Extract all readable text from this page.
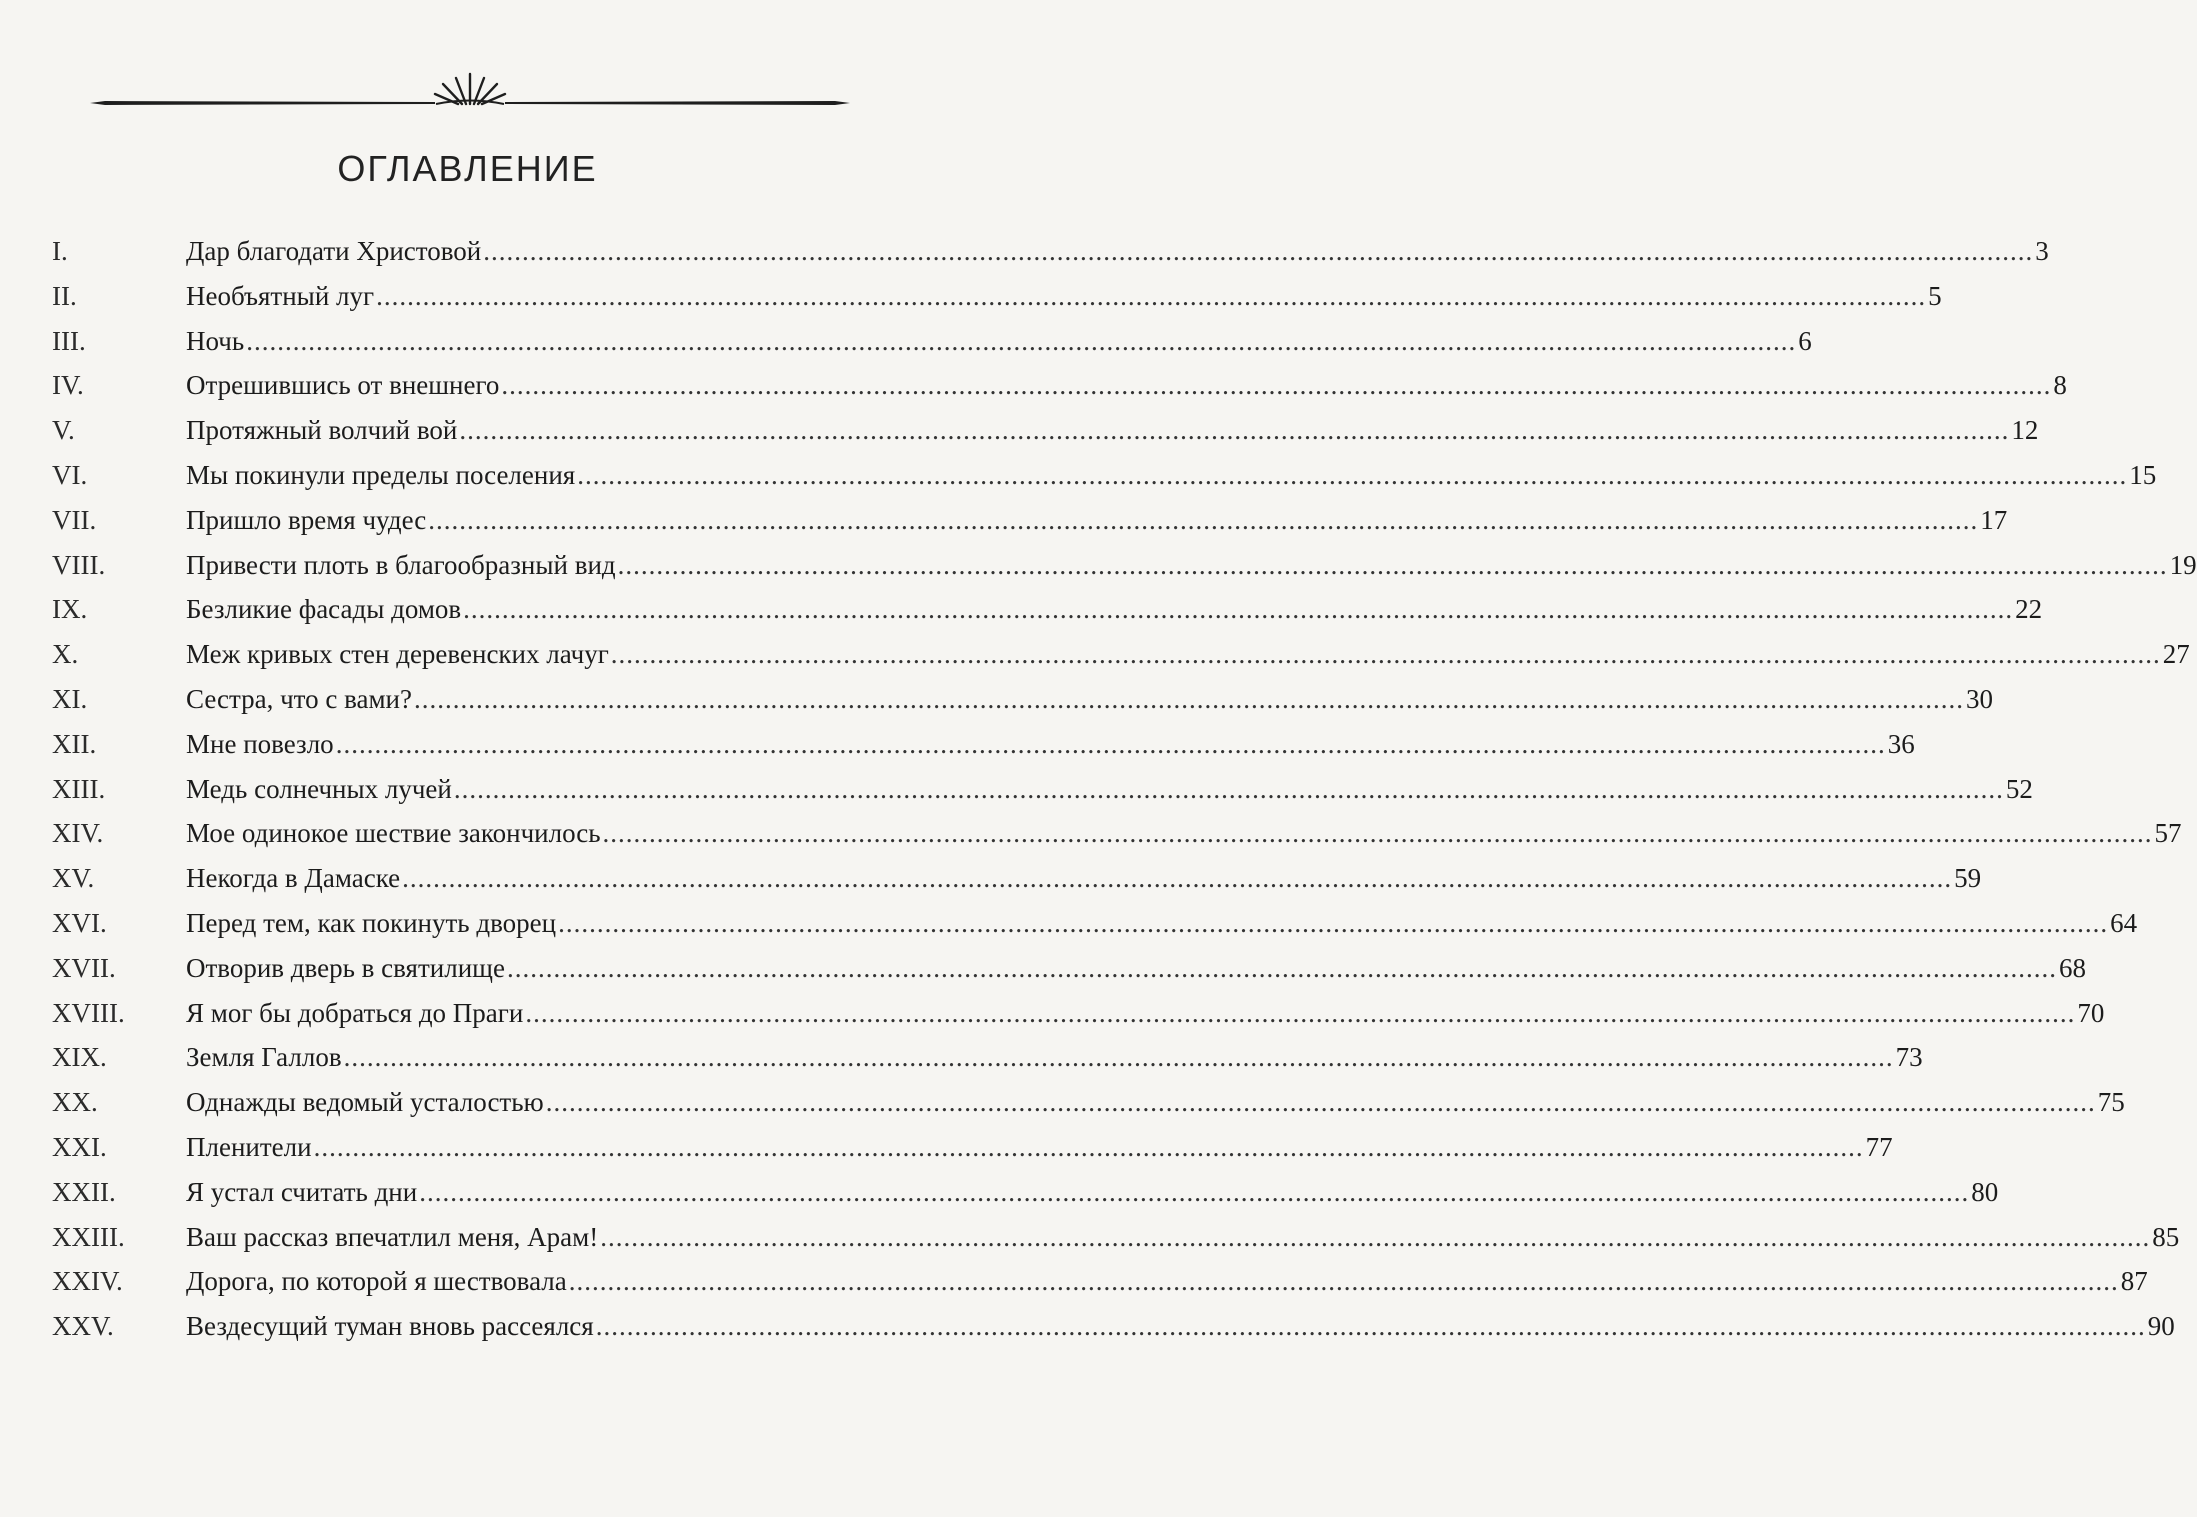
ОГЛАВЛЕНИЕ
I.	Дар благодати Христовой ........................................................................................................................................................................................................ 3
II.	Необъятный луг ........................................................................................................................................................................................................ 5
III.	Ночь ........................................................................................................................................................................................................ 6
IV.	Отрешившись от внешнего ........................................................................................................................................................................................................ 8
V.	Протяжный волчий вой ........................................................................................................................................................................................................ 12
VI.	Мы покинули пределы поселения ........................................................................................................................................................................................................ 15
VII.	Пришло время чудес ........................................................................................................................................................................................................ 17
VIII.	Привести плоть в благообразный вид ........................................................................................................................................................................................................ 19
IX.	Безликие фасады домов ........................................................................................................................................................................................................ 22
X.	Меж кривых стен деревенских лачуг ........................................................................................................................................................................................................ 27
XI.	Сестра, что с вами? ........................................................................................................................................................................................................ 30
XII.	Мне повезло ........................................................................................................................................................................................................ 36
XIII.	Медь солнечных лучей ........................................................................................................................................................................................................ 52
XIV.	Мое одинокое шествие закончилось ........................................................................................................................................................................................................ 57
XV.	Некогда в Дамаске ........................................................................................................................................................................................................ 59
XVI.	Перед тем, как покинуть дворец ........................................................................................................................................................................................................ 64
XVII.	Отворив дверь в святилище ........................................................................................................................................................................................................ 68
XVIII.	Я мог бы добраться до Праги ........................................................................................................................................................................................................ 70
XIX.	Земля Галлов ........................................................................................................................................................................................................ 73
XX.	Однажды ведомый усталостью ........................................................................................................................................................................................................ 75
XXI.	Пленители ........................................................................................................................................................................................................ 77
XXII.	Я устал считать дни ........................................................................................................................................................................................................ 80
XXIII.	Ваш рассказ впечатлил меня, Арам! ........................................................................................................................................................................................................ 85
XXIV.	Дорога, по которой я шествовала ........................................................................................................................................................................................................ 87
XXV.	Вездесущий туман вновь рассеялся ........................................................................................................................................................................................................ 90
